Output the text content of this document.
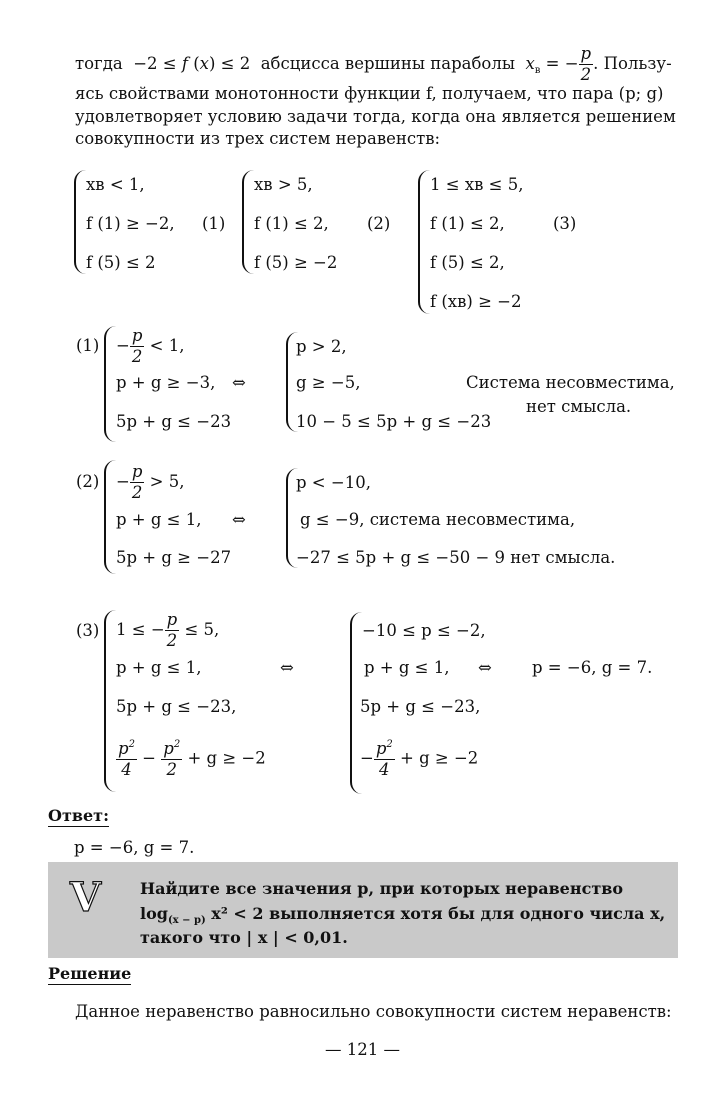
тогда  −2 ≤ f (x) ≤ 2  абсцисса вершины параболы $x_в$ = − $\frac{p}{2}$ . Пользу-
ясь свойствами монотонности функции f, получаем, что пара (p; g)
удовлетворяет условию задачи тогда, когда она является решением
совокупности из трех систем неравенств:
xв < 1,
f (1) ≥ −2,
f (5) ≤ 2
(1)
xв > 5,
f (1) ≤ 2,
f (5) ≥ −2
(2)
1 ≤ xв ≤ 5,
f (1) ≤ 2,
f (5) ≤ 2,
f (xв) ≥ −2
(3)
$(1) - \frac{p}{2} < 1$,
p + g ≥ −3,
5p + g ≤ −23
⇔
p > 2,
g ≥ −5,
10 − 5 ≤ 5p + g ≤ −23
Система несовместима,
нет смысла.
$(2) - \frac{p}{2} > 5$,
p + g ≤ 1,
5p + g ≥ −27
⇔
p < −10,
g ≤ −9, система несовместима,
−27 ≤ 5p + g ≤ −50 − 9 нет смысла.
(3) 1 ≤ − $\frac{p}{2} \le 5$,
p + g ≤ 1,
5p + g ≤ −23,
$\frac{p^2}{4} - \frac{p^2}{2} + g \ge -2$
⇔
−10 ≤ p ≤ −2,
p + g ≤ 1,
5p + g ≤ −23,
− $\frac{p^2}{4} + g \ge -2$
⇔ p = −6, g = 7.
Ответ:
p = −6, g = 7.
V Найдите все значения p, при которых неравенство
$\log_{(x - p)} x^2 < 2$ выполняется хотя бы для одного числа x,
такого что | x | < 0,01.
Решение
Данное неравенство равносильно совокупности систем неравенств:
— 121 —
